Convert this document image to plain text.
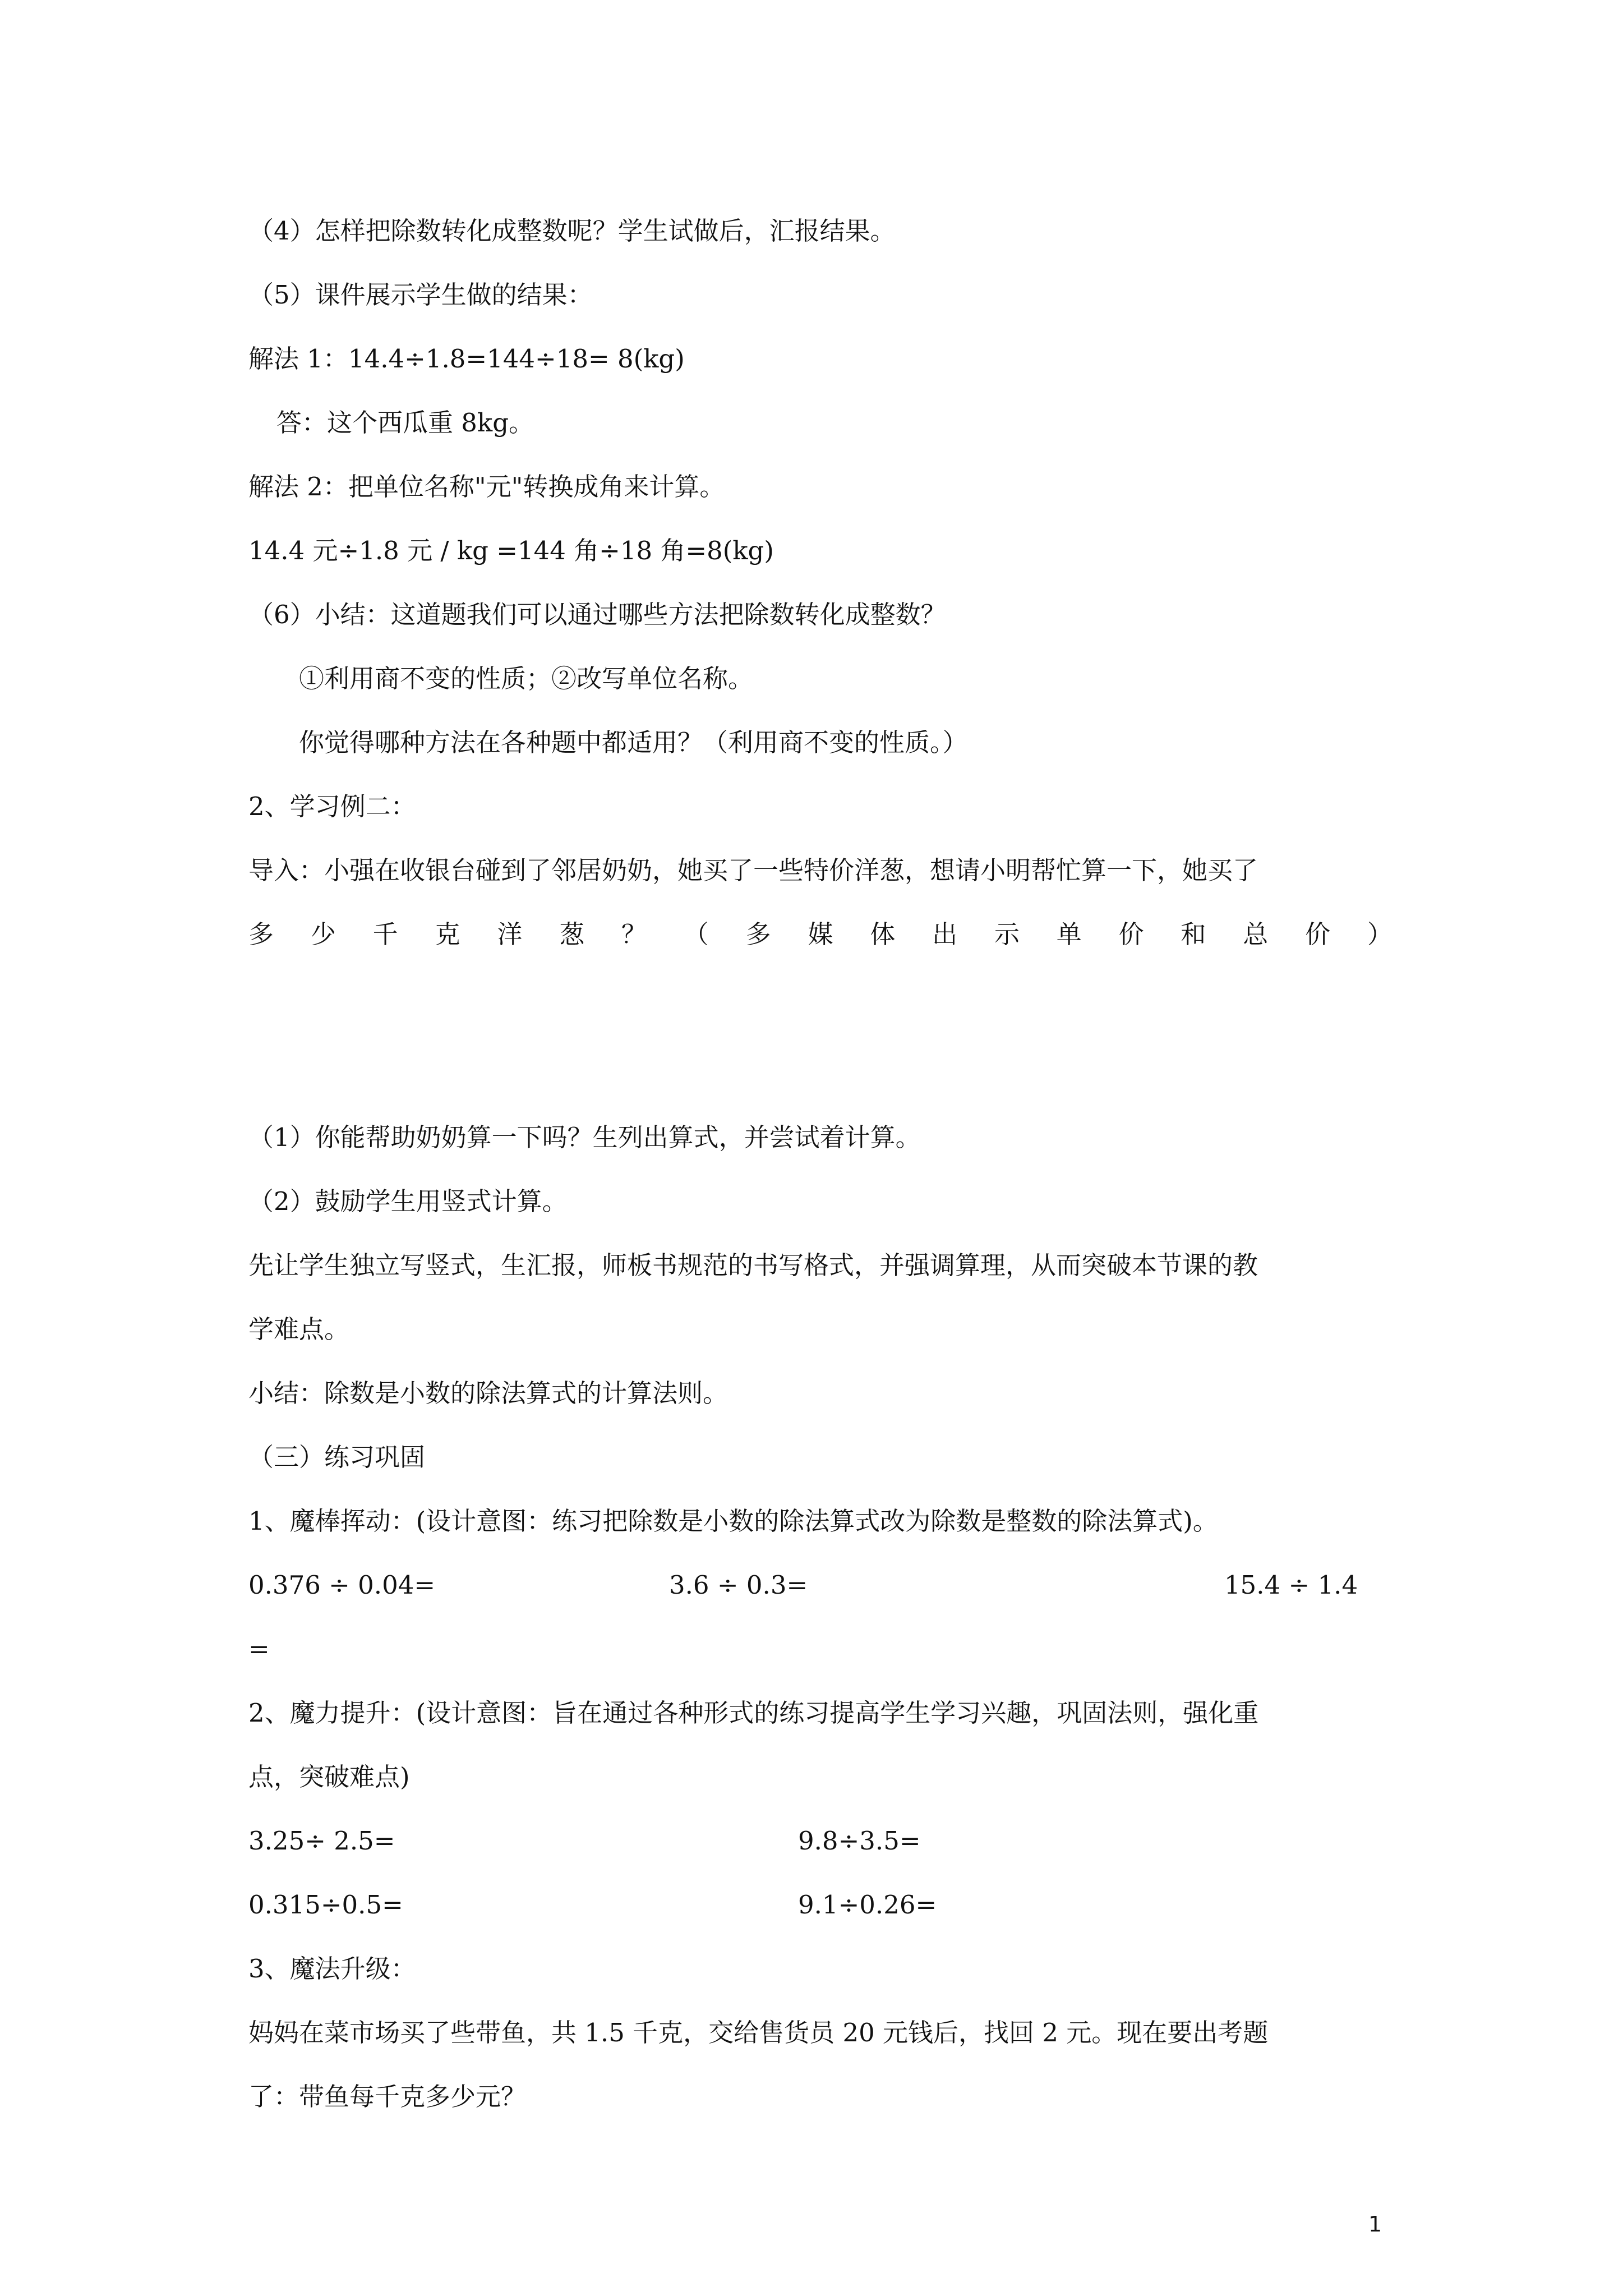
（4）怎样把除数转化成整数呢？学生试做后，汇报结果。
（5）课件展示学生做的结果：
解法 1：14.4÷1.8=144÷18= 8(kg)
答：这个西瓜重 8kg。
解法 2：把单位名称"元"转换成角来计算。
14.4 元÷1.8 元 / kg =144 角÷18 角=8(kg)
（6）小结：这道题我们可以通过哪些方法把除数转化成整数？
①利用商不变的性质；②改写单位名称。
你觉得哪种方法在各种题中都适用？（利用商不变的性质。）
2、学习例二：
导入：小强在收银台碰到了邻居奶奶，她买了一些特价洋葱，想请小明帮忙算一下，她买了
多 少 千 克 洋 葱 ？ （ 多 媒 体 出 示 单 价 和 总 价 ）
（1）你能帮助奶奶算一下吗？生列出算式，并尝试着计算。
（2）鼓励学生用竖式计算。
先让学生独立写竖式，生汇报，师板书规范的书写格式，并强调算理，从而突破本节课的教
学难点。
小结：除数是小数的除法算式的计算法则。
（三）练习巩固
1、魔棒挥动：(设计意图：练习把除数是小数的除法算式改为除数是整数的除法算式)。
0.376 ÷ 0.04=	3.6 ÷ 0.3=	15.4 ÷ 1.4
=
2、魔力提升：(设计意图：旨在通过各种形式的练习提高学生学习兴趣，巩固法则，强化重
点，突破难点)
3.25÷ 2.5=	9.8÷3.5=
0.315÷0.5=	9.1÷0.26=
3、魔法升级：
妈妈在菜市场买了些带鱼，共 1.5 千克，交给售货员 20 元钱后，找回 2 元。现在要出考题
了：带鱼每千克多少元？
1
